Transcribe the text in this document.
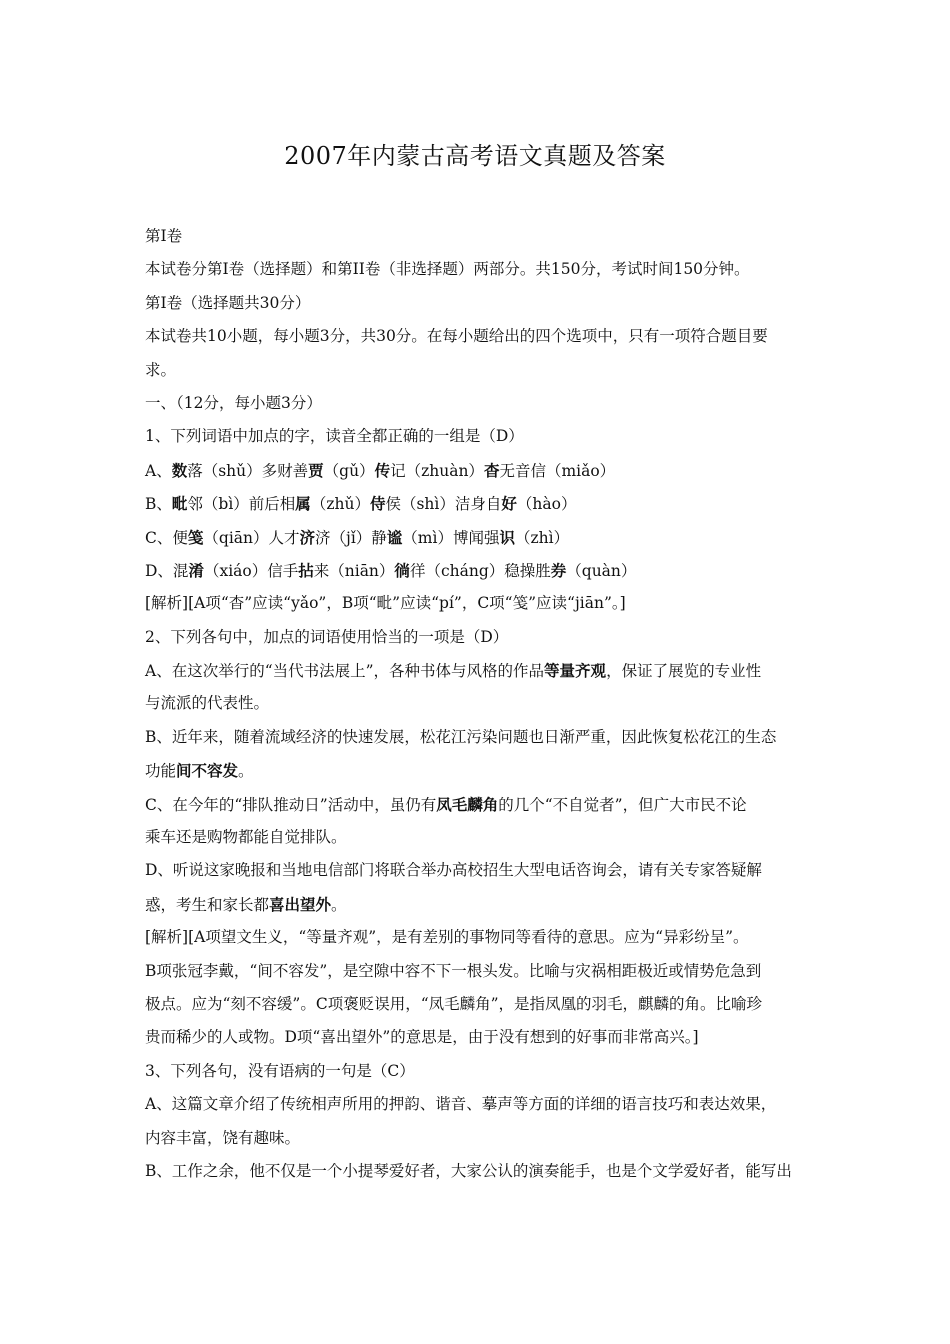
2007年内蒙古高考语文真题及答案
第Ⅰ卷
本试卷分第Ⅰ卷（选择题）和第II卷（非选择题）两部分。共150分，考试时间150分钟。
第Ⅰ卷（选择题共30分）
本试卷共10小题，每小题3分，共30分。在每小题给出的四个选项中，只有一项符合题目要
求。
一、（12分，每小题3分）
1、下列词语中加点的字，读音全都正确的一组是（D）
A、数落（shǔ）多财善贾（gǔ）传记（zhuàn）杳无音信（miǎo）
B、毗邻（bì）前后相属（zhǔ）侍侯（shì）洁身自好（hào）
C、便笺（qiān）人才济济（jǐ）静谧（mì）博闻强识（zhì）
D、混淆（xiáo）信手拈来（niān）徜徉（cháng）稳操胜券（quàn）
[解析][A项“杳”应读“yǎo”，B项“毗”应读“pí”，C项“笺”应读“jiān”。]
2、下列各句中，加点的词语使用恰当的一项是（D）
A、在这次举行的“当代书法展上”，各种书体与风格的作品等量齐观，保证了展览的专业性
与流派的代表性。
B、近年来，随着流域经济的快速发展，松花江污染问题也日渐严重，因此恢复松花江的生态
功能间不容发。
C、在今年的“排队推动日”活动中，虽仍有凤毛麟角的几个“不自觉者”，但广大市民不论
乘车还是购物都能自觉排队。
D、听说这家晚报和当地电信部门将联合举办高校招生大型电话咨询会，请有关专家答疑解
惑，考生和家长都喜出望外。
[解析][A项望文生义，“等量齐观”，是有差别的事物同等看待的意思。应为“异彩纷呈”。
B项张冠李戴，“间不容发”，是空隙中容不下一根头发。比喻与灾祸相距极近或情势危急到
极点。应为“刻不容缓”。C项褒贬误用，“凤毛麟角”，是指凤凰的羽毛，麒麟的角。比喻珍
贵而稀少的人或物。D项“喜出望外”的意思是，由于没有想到的好事而非常高兴。]
3、下列各句，没有语病的一句是（C）
A、这篇文章介绍了传统相声所用的押韵、谐音、摹声等方面的详细的语言技巧和表达效果，
内容丰富，饶有趣味。
B、工作之余，他不仅是一个小提琴爱好者，大家公认的演奏能手，也是个文学爱好者，能写出
